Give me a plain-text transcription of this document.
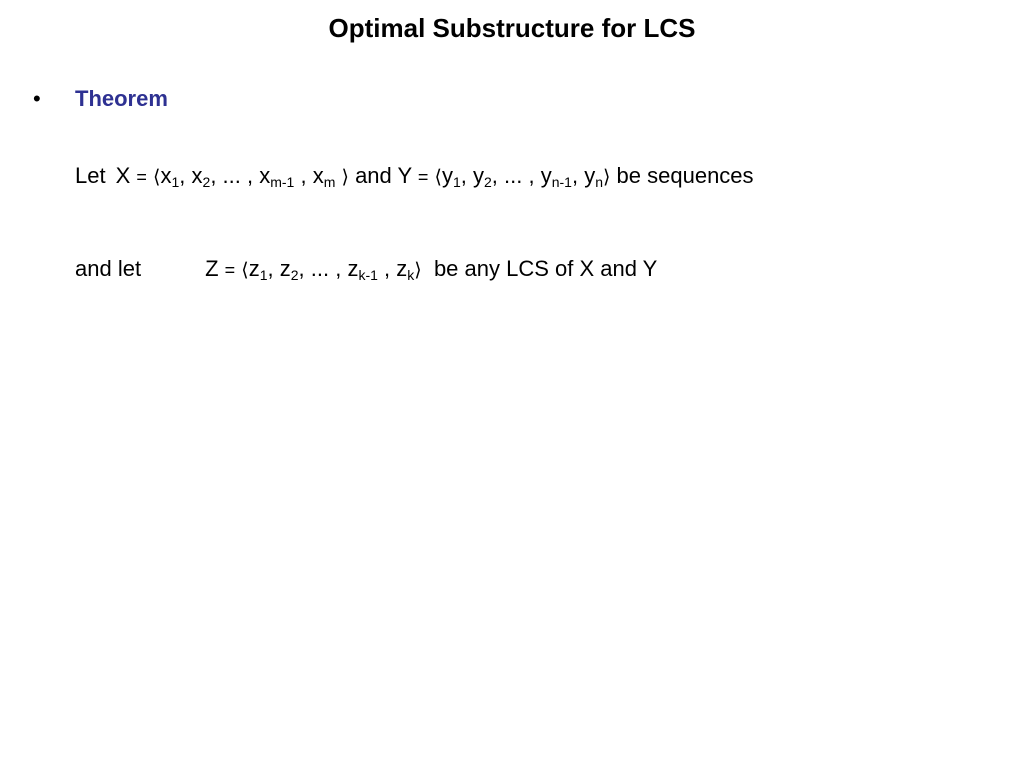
Optimal Substructure for LCS
• Theorem
Let $X = ⟨x_1$, $x_2$, ... , $x_{m-1}$ , $x_m$ ⟩ and $Y = ⟨y_1$, $y_2$, ... , $y_{n-1}$, $y_n⟩$ be sequences
and let	$Z = ⟨z_1$, $z_2$, ... , $z_{k-1}$ , $z_k⟩$ be any LCS of X and Y
